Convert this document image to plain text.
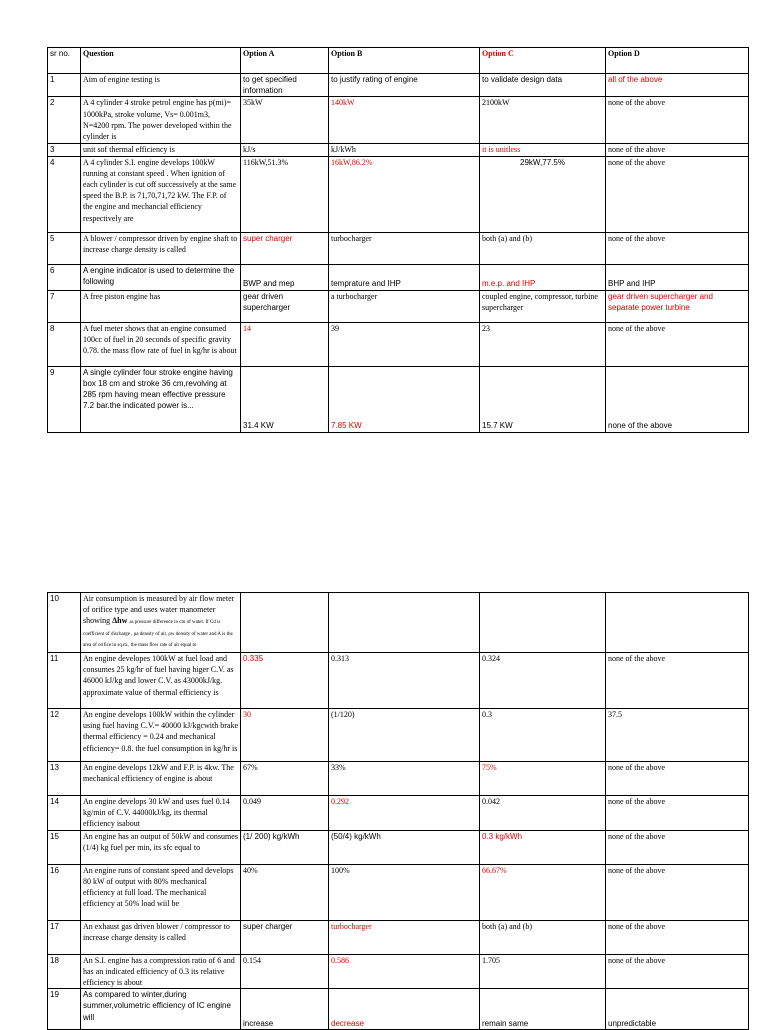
sr no.	Question	Option A	Option B	Option C	Option D
1	Aim of engine testing is	to get specified information	to justify rating of engine	to validate design data	all of the above
2	A 4 cylinder 4 stroke petrol engine has p(mi)= 1000kPa, stroke volume, Vs= 0.001m3, N=4200 rpm. The power developed within the cylinder is	35kW	140kW	2100kW	none of the above
3	unit sof thermal efficiency is	kJ/s	kJ/kWh	it is unitless	none of the above
4	A 4 cylinder S.I. engine develops 100kW running at constant speed . When ignition of each cylinder is cut off successively at the same speed the B.P. is 71,70,71,72 kW. The F.P. of the engine and mechancial efficiency respectively are	116kW,51.3%	16kW,86.2%	29kW,77.5%	none of the above
5	A blower / compressor driven by engine shaft to increase charge density is called	super charger	turbocharger	both (a) and (b)	none of the above
6	A engine indicator is used to determine the following	BWP and mep	temprature and IHP	m.e.p. and IHP	BHP and IHP
7	A free piston engine has	gear driven supercharger	a turbocharger	coupled engine, compressor, turbine supercharger	gear driven supercharger and separate power turbine
8	A fuel meter shows that an engine consumed 100cc of fuel in 20 seconds of specific gravity 0.78. the mass flow rate of fuel in kg/hr is about	14	39	23	none of the above
9	A single cylinder four stroke engine having box 18 cm and stroke 36 cm,revolving at 285 rpm having mean effective pressure 7.2 bar.the indicated power is...	31.4 KW	7.85 KW	15.7 KW	none of the above
10	Air consumption is measured by air flow meter of orifice type and uses water manometer showing Δhw as pressure difference in cm of water. If Cd is coefficient of discharge , ρa density of air, ρw density of water and A is the area of orifice in sq.m., the mass flow rate of air equal to				
11	An engine developes 100kW at fuel load and consumes 25 kg/hr of fuel having higer C.V. as 46000 kJ/kg and lower C.V. as 43000kJ/kg. approximate value of thermal efficiency is	0.335	0.313	0.324	none of the above
12	An engine develops 100kW within the cylinder using fuel having C.V.= 40000 kJ/kgcwith brake thermal efficiency = 0.24 and mechanical efficiency= 0.8. the fuel consumption in kg/hr is	30	(1/120)	0.3	37.5
13	An engine develops 12kW and F.P. is 4kw. The mechanical efficiency of engine is about	67%	33%	75%	none of the above
14	An engine develops 30 kW and uses fuel 0.14 kg/min of C.V. 44000kJ/kg, its thermal efficiency isabout	0.049	0.292	0.042	none of the above
15	An engine has an output of 50kW and consumes (1/4) kg fuel per min, its sfc equal to	(1/ 200) kg/kWh	(50/4) kg/kWh	0.3 kg/kWh	none of the above
16	An engine runs of constant speed and develops 80 kW of output with 80% mechanical efficiency at full load. The mechanical efficiency at 50% load wiil be	40%	100%	66.67%	none of the above
17	An exhaust gas driven blower / compressor to increase charge density is called	super charger	turbocharger	both (a) and (b)	none of the above
18	An S.I. engine has a compression ratio of 6 and has an indicated efficiency of 0.3 its relative efficiency is about	0.154	0.586	1.705	none of the above
19	As compared to winter,during summer,volumetric efficiency of IC engine will	increase	decrease	remain same	unpredictable
